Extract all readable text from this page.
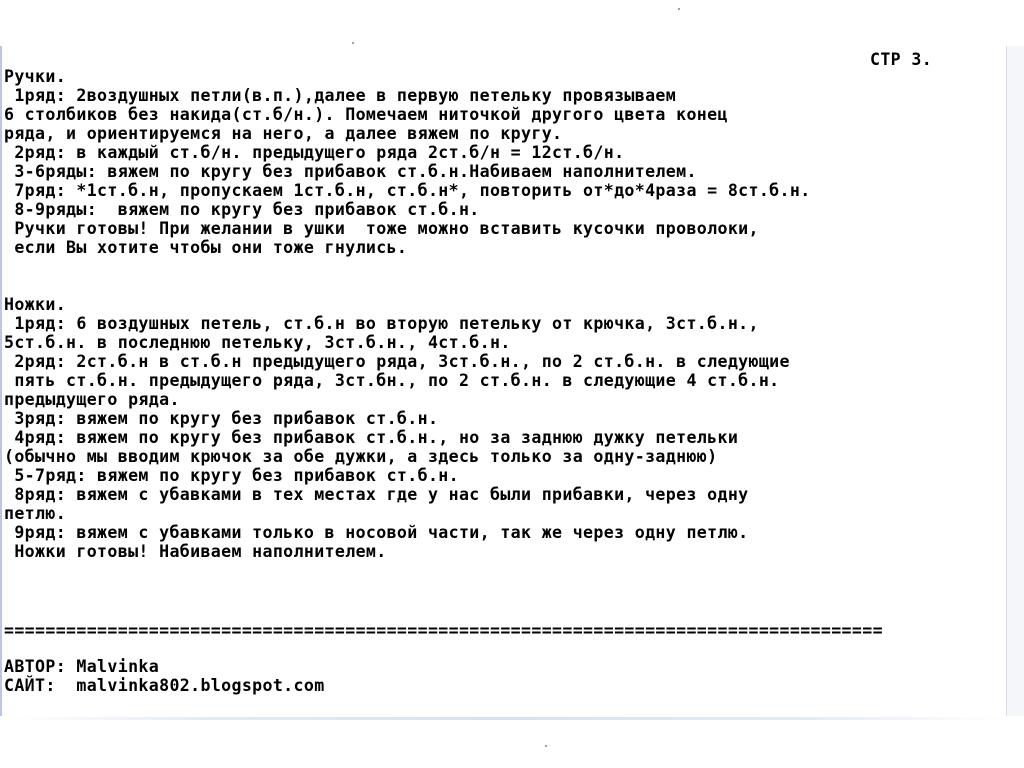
СТР 3.
Ручки.
1ряд: 2воздушных петли(в.п.),далее в первую петельку провязываем
6 столбиков без накида(ст.б/н.). Помечаем ниточкой другого цвета конец
ряда, и ориентируемся на него, а далее вяжем по кругу.
2ряд: в каждый ст.б/н. предыдущего ряда 2ст.б/н = 12ст.б/н.
3-6ряды: вяжем по кругу без прибавок ст.б.н.Набиваем наполнителем.
7ряд: *1ст.б.н, пропускаем 1ст.б.н, ст.б.н*, повторить от*до*4раза = 8ст.б.н.
8-9ряды:  вяжем по кругу без прибавок ст.б.н.
Ручки готовы! При желании в ушки  тоже можно вставить кусочки проволоки,
если Вы хотите чтобы они тоже гнулись.
Ножки.
1ряд: 6 воздушных петель, ст.б.н во вторую петельку от крючка, 3ст.б.н.,
5ст.б.н. в последнюю петельку, 3ст.б.н., 4ст.б.н.
2ряд: 2ст.б.н в ст.б.н предыдущего ряда, 3ст.б.н., по 2 ст.б.н. в следующие
пять ст.б.н. предыдущего ряда, 3ст.бн., по 2 ст.б.н. в следующие 4 ст.б.н.
предыдущего ряда.
3ряд: вяжем по кругу без прибавок ст.б.н.
4ряд: вяжем по кругу без прибавок ст.б.н., но за заднюю дужку петельки
(обычно мы вводим крючок за обе дужки, а здесь только за одну-заднюю)
5-7ряд: вяжем по кругу без прибавок ст.б.н.
8ряд: вяжем с убавками в тех местах где у нас были прибавки, через одну
петлю.
9ряд: вяжем с убавками только в носовой части, так же через одну петлю.
Ножки готовы! Набиваем наполнителем.
=====================================================================================
АВТОР: Malvinka
САЙТ:  malvinka802.blogspot.com
